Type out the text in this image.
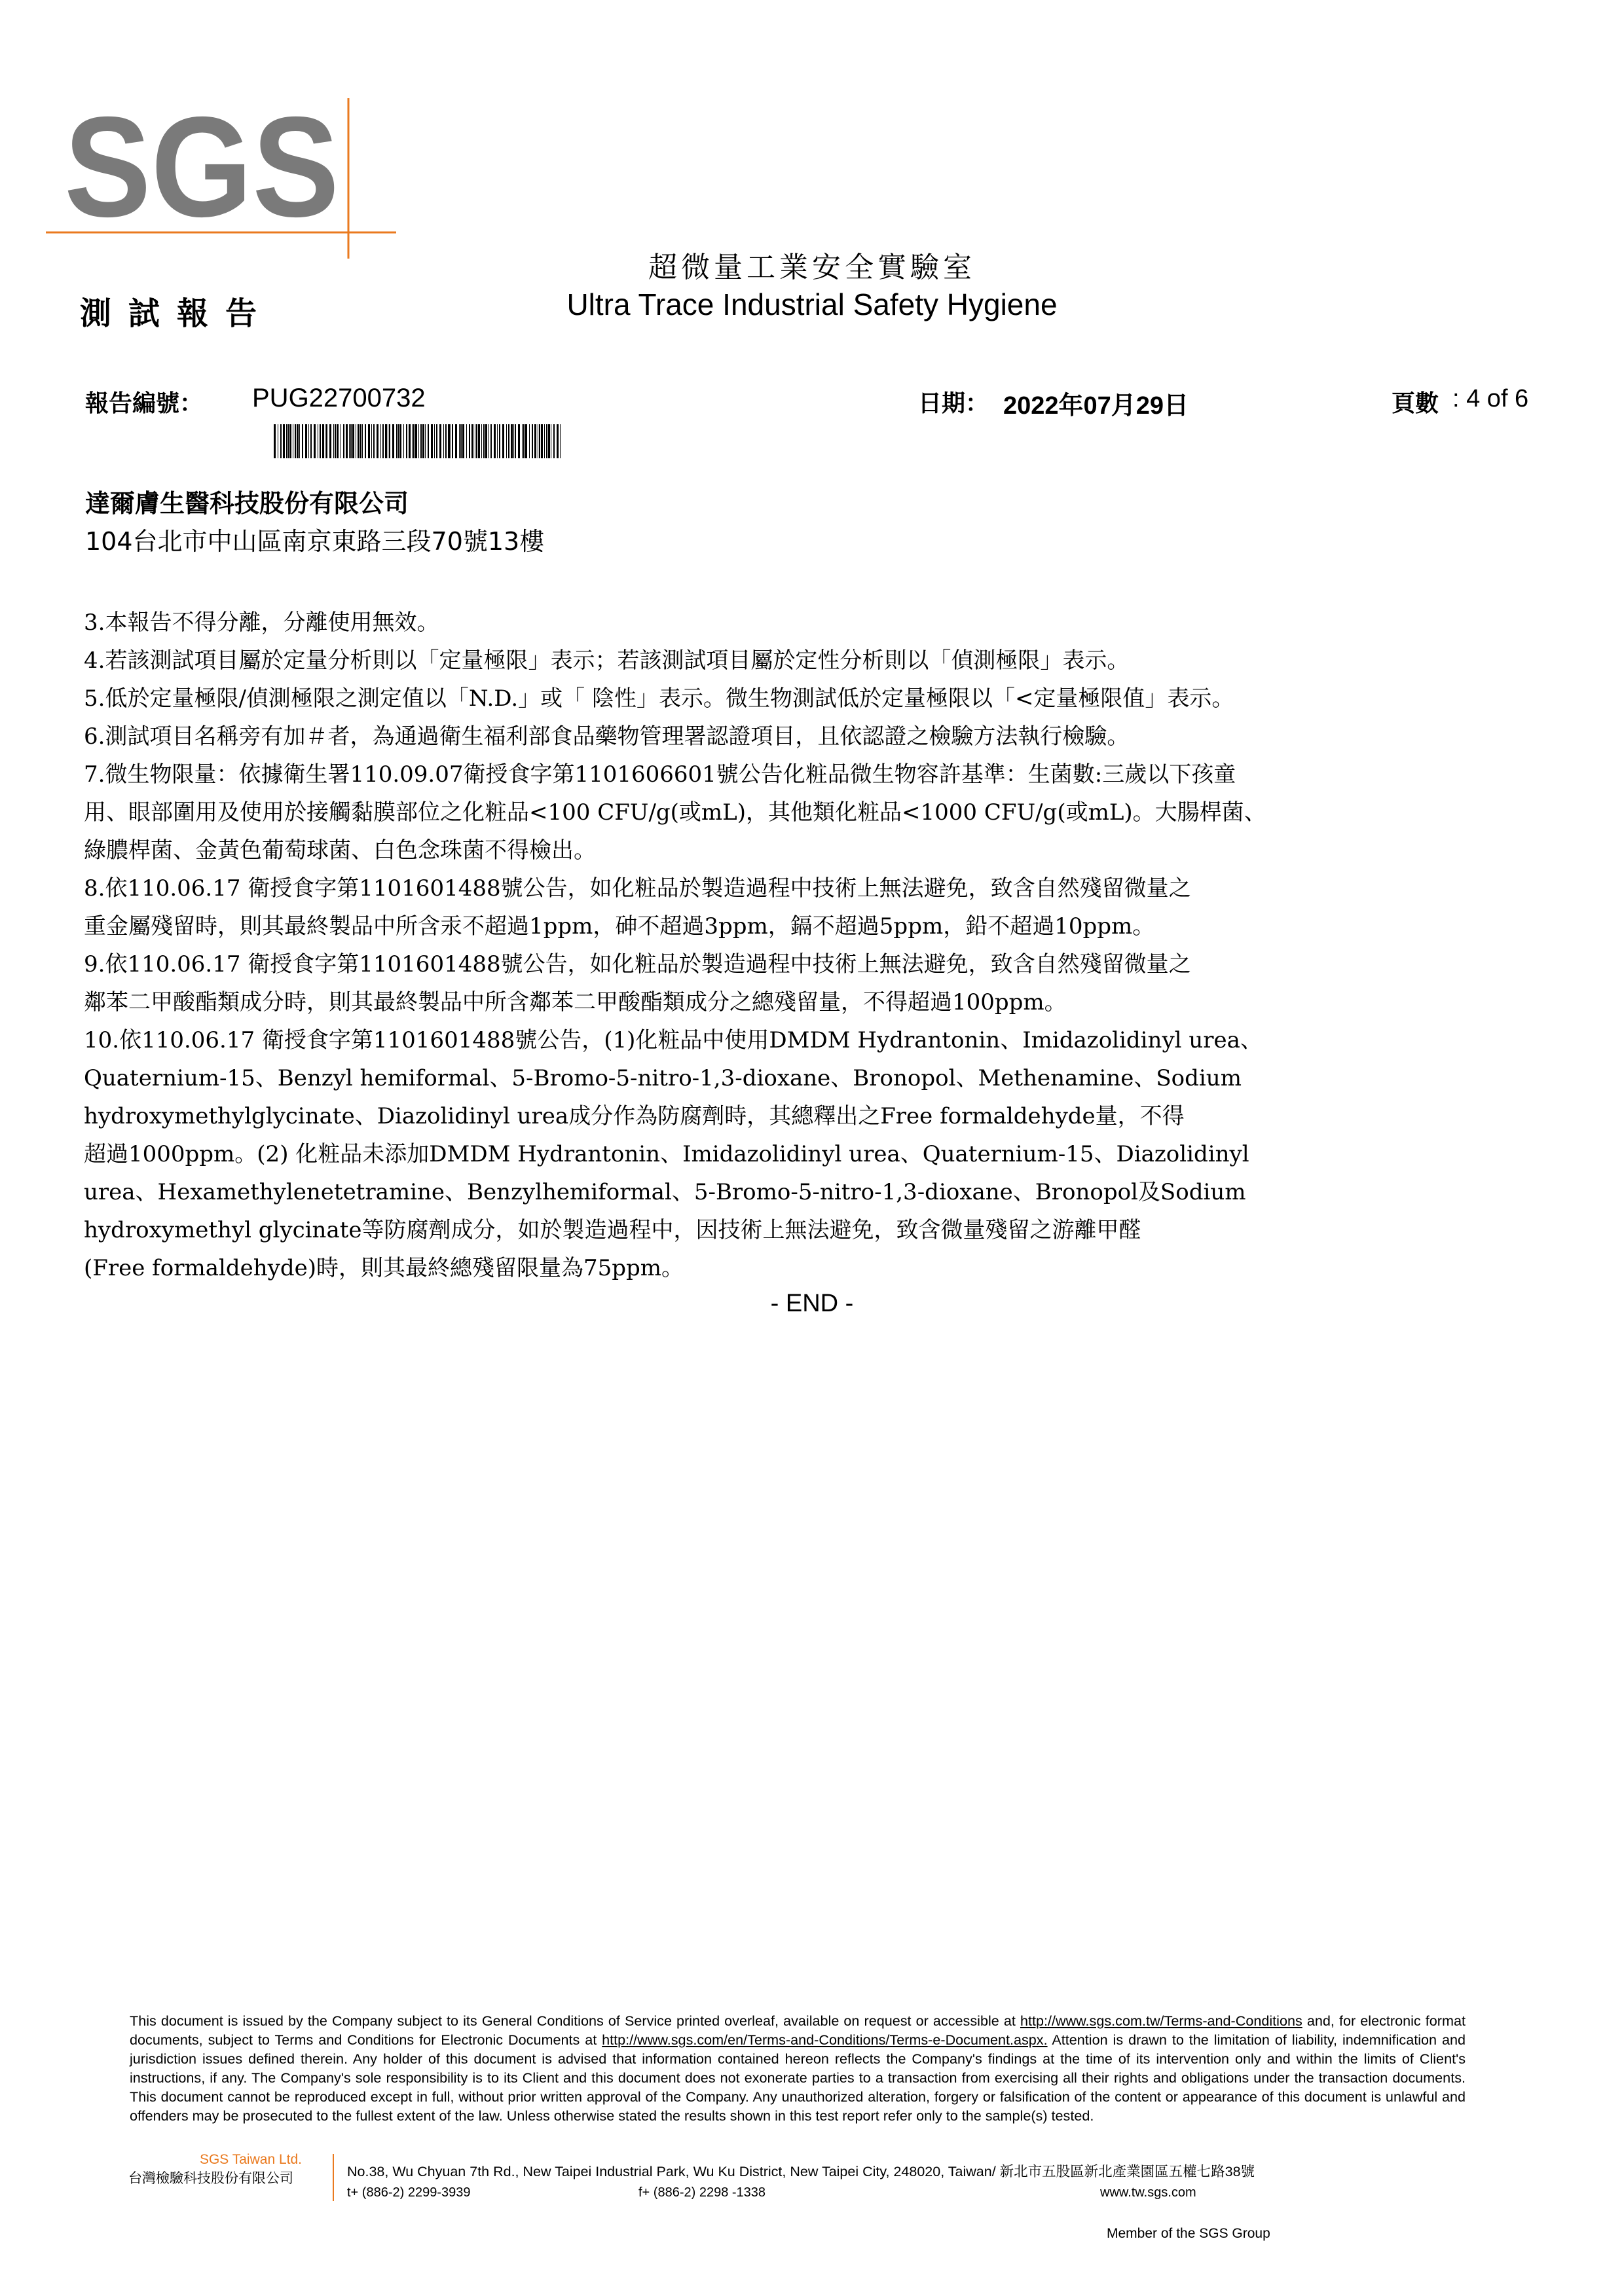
SGS
超微量工業安全實驗室
Ultra Trace Industrial Safety Hygiene
測試報告
報告編號： PUG22700732	日期： 2022年07月29日	頁數 : 4 of 6
達爾膚生醫科技股份有限公司
104台北市中山區南京東路三段70號13樓
3.本報告不得分離，分離使用無效。
4.若該測試項目屬於定量分析則以「定量極限」表示；若該測試項目屬於定性分析則以「偵測極限」表示。
5.低於定量極限/偵測極限之測定值以「N.D.」或「 陰性」表示。微生物測試低於定量極限以「<定量極限值」表示。
6.測試項目名稱旁有加＃者，為通過衛生福利部食品藥物管理署認證項目，且依認證之檢驗方法執行檢驗。
7.微生物限量：依據衛生署110.09.07衛授食字第1101606601號公告化粧品微生物容許基準：生菌數:三歲以下孩童
用、眼部圍用及使用於接觸黏膜部位之化粧品<100 CFU/g(或mL)，其他類化粧品<1000 CFU/g(或mL)。大腸桿菌、
綠膿桿菌、金黃色葡萄球菌、白色念珠菌不得檢出。
8.依110.06.17 衛授食字第1101601488號公告，如化粧品於製造過程中技術上無法避免，致含自然殘留微量之
重金屬殘留時，則其最終製品中所含汞不超過1ppm，砷不超過3ppm，鎘不超過5ppm，鉛不超過10ppm。
9.依110.06.17 衛授食字第1101601488號公告，如化粧品於製造過程中技術上無法避免，致含自然殘留微量之
鄰苯二甲酸酯類成分時，則其最終製品中所含鄰苯二甲酸酯類成分之總殘留量，不得超過100ppm。
10.依110.06.17 衛授食字第1101601488號公告，(1)化粧品中使用DMDM Hydrantonin、Imidazolidinyl urea、
Quaternium-15、Benzyl hemiformal、5-Bromo-5-nitro-1,3-dioxane、Bronopol、Methenamine、Sodium
hydroxymethylglycinate、Diazolidinyl urea成分作為防腐劑時，其總釋出之Free formaldehyde量，不得
超過1000ppm。(2) 化粧品未添加DMDM Hydrantonin、Imidazolidinyl urea、Quaternium-15、Diazolidinyl
urea、Hexamethylenetetramine、Benzylhemiformal、5-Bromo-5-nitro-1,3-dioxane、Bronopol及Sodium
hydroxymethyl glycinate等防腐劑成分，如於製造過程中，因技術上無法避免，致含微量殘留之游離甲醛
(Free formaldehyde)時，則其最終總殘留限量為75ppm。
- END -
This document is issued by the Company subject to its General Conditions of Service printed overleaf, available on request or accessible at http://www.sgs.com.tw/Terms-and-Conditions and, for electronic format documents, subject to Terms and Conditions for Electronic Documents at http://www.sgs.com/en/Terms-and-Conditions/Terms-e-Document.aspx. Attention is drawn to the limitation of liability, indemnification and jurisdiction issues defined therein. Any holder of this document is advised that information contained hereon reflects the Company's findings at the time of its intervention only and within the limits of Client's instructions, if any. The Company's sole responsibility is to its Client and this document does not exonerate parties to a transaction from exercising all their rights and obligations under the transaction documents. This document cannot be reproduced except in full, without prior written approval of the Company. Any unauthorized alteration, forgery or falsification of the content or appearance of this document is unlawful and offenders may be prosecuted to the fullest extent of the law. Unless otherwise stated the results shown in this test report refer only to the sample(s) tested.
SGS Taiwan Ltd.
台灣檢驗科技股份有限公司	No.38, Wu Chyuan 7th Rd., New Taipei Industrial Park, Wu Ku District, New Taipei City, 248020, Taiwan/ 新北市五股區新北產業園區五權七路38號
t+ (886-2) 2299-3939	f+ (886-2) 2298 -1338	www.tw.sgs.com
Member of the SGS Group
